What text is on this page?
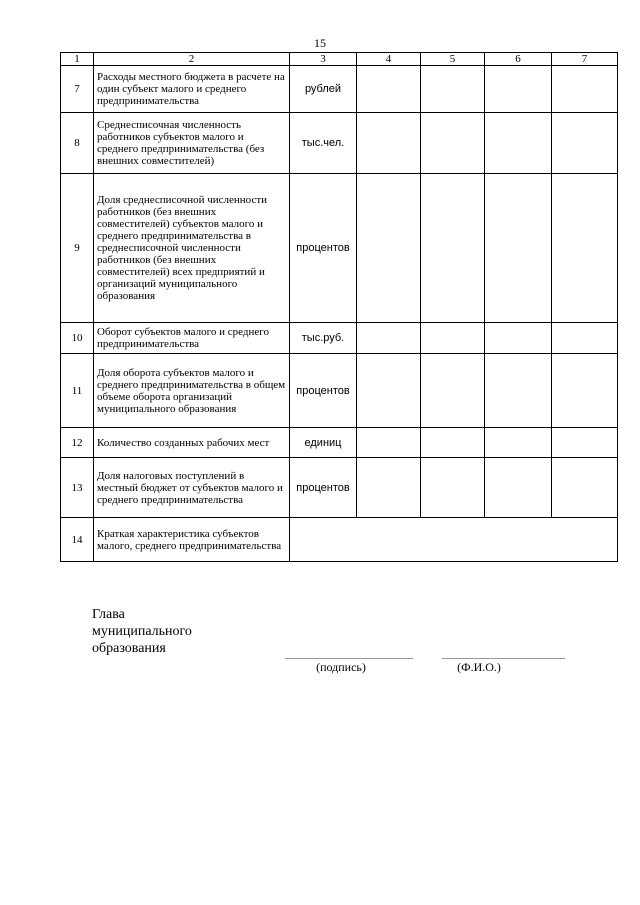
15
1	2	3	4	5	6	7
7	Расходы местного бюджета в расчете на один субъект малого и среднего предпринимательства	рублей				
8	Среднесписочная численность работников субъектов малого и среднего предпринимательства (без внешних совместителей)	тыс.чел.				
9	Доля среднесписочной численности работников (без внешних совместителей) субъектов малого и среднего предпринимательства в среднесписочной численности работников (без внешних совместителей) всех предприятий и организаций муниципального образования	процентов				
10	Оборот субъектов малого и среднего предпринимательства	тыс.руб.				
11	Доля оборота субъектов малого и среднего предпринимательства в общем объеме оборота организаций муниципального образования	процентов				
12	Количество созданных рабочих мест	единиц				
13	Доля налоговых поступлений в местный бюджет от субъектов малого и среднего предпринимательства	процентов				
14	Краткая характеристика субъектов малого, среднего предпринимательства					
Глава
муниципального
образования
(подпись)	(Ф.И.О.)
